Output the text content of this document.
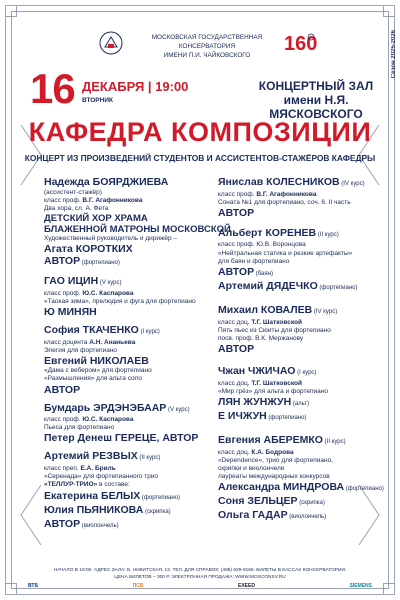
МОСКОВСКАЯ ГОСУДАРСТВЕННАЯ КОНСЕРВАТОРИЯ
ИМЕНИ П.И. ЧАЙКОВСКОГО
160	Сезон 2025-2026
16 ДЕКАБРЯ | 19:00
ВТОРНИК
КОНЦЕРТНЫЙ ЗАЛ
имени Н.Я. МЯСКОВСКОГО
КАФЕДРА КОМПОЗИЦИИ
КОНЦЕРТ ИЗ ПРОИЗВЕДЕНИЙ СТУДЕНТОВ И АССИСТЕНТОВ-СТАЖЁРОВ КАФЕДРЫ
Надежда БОЯРДЖИЕВА
(ассистент-стажёр)
класс проф. В.Г. Агафонникова
Два хора, сл. А. Фета
ДЕТСКИЙ ХОР ХРАМА
БЛАЖЕННОЙ МАТРОНЫ МОСКОВСКОЙ
Художественный руководитель и дирижёр –
Агата КОРОТКИХ
АВТОР (фортепиано)
ГАО ИЦИН (V курс)
класс проф. Ю.С. Каспарова
«Таокая зима», прелюдия и фуга для фортепиано
Ю МИНЯН
София ТКАЧЕНКО (I курс)
класс доцента А.Н. Ананьева
Элегия для фортепиано
Евгений НИКОЛАЕВ
«Дама с вебером» для фортепиано
«Размышления» для альта соло
АВТОР
Бумдарь ЭРДЭНЭБААР (V курс)
класс проф. Ю.С. Каспарова
Пьеса для фортепиано
Петер Денеш ГЕРЕЦЕ, АВТОР
Артемий РЕЗВЫХ (II курс)
класс преп. Е.А. Бриль
«Серенада» для фортепианного трио
«ТЕЛЛУР-ТРИО» в составе:
Екатерина БЕЛЫХ (фортепиано)
Юлия ПЬЯНИКОВА (скрипка)
АВТОР (виолончель)
Янислав КОЛЕСНИКОВ (IV курс)
класс проф. В.Г. Агафонникова
Соната №1 для фортепиано, соч. 6. II часть
АВТОР
Альберт КОРЕНЕВ (II курс)
класс проф. Ю.В. Воронцова
«Нейтральная статика и резкие артефакты»
для баян и фортепиано
АВТОР (баян)
Артемий ДЯДЕЧКО (фортепиано)
Михаил КОВАЛЕВ (IV курс)
класс доц. Т.Г. Шатковской
Пять пьес из Сюиты для фортепиано
посв. проф. В.К. Мержанову
АВТОР
Чжан ЧЖИЧАО (I курс)
класс доц. Т.Г. Шатковской
«Мир грёз» для альта и фортепиано
ЛЯН ЖУНЖУН (альт)
Е ИЧЖУН (фортепиано)
Евгения АБЕРЕМКО (II курс)
класс доц. К.А. Бодрова
«Dependence», трио для фортепиано,
скрипки и виолончели
лауреаты международных конкурсов
Александра МИНДРОВА (фортепиано)
Соня ЗЕЛЬЦЕР (скрипка)
Ольга ГАДАР (виолончель)
НАЧАЛО В 19:00. АДРЕС ЗАЛА: Б. НИКИТСКАЯ, 13. ТЕЛ. ДЛЯ СПРАВОК: (495) 629-9166. БИЛЕТЫ В КАССАХ КОНСЕРВАТОРИИ.
ЦЕНА БИЛЕТОВ – 300 Р. ЭЛЕКТРОННАЯ ПРОДАЖА: WWW.MOSCONSV.RU
ВТБ	ПСБ	EXEED	SIEMENS
